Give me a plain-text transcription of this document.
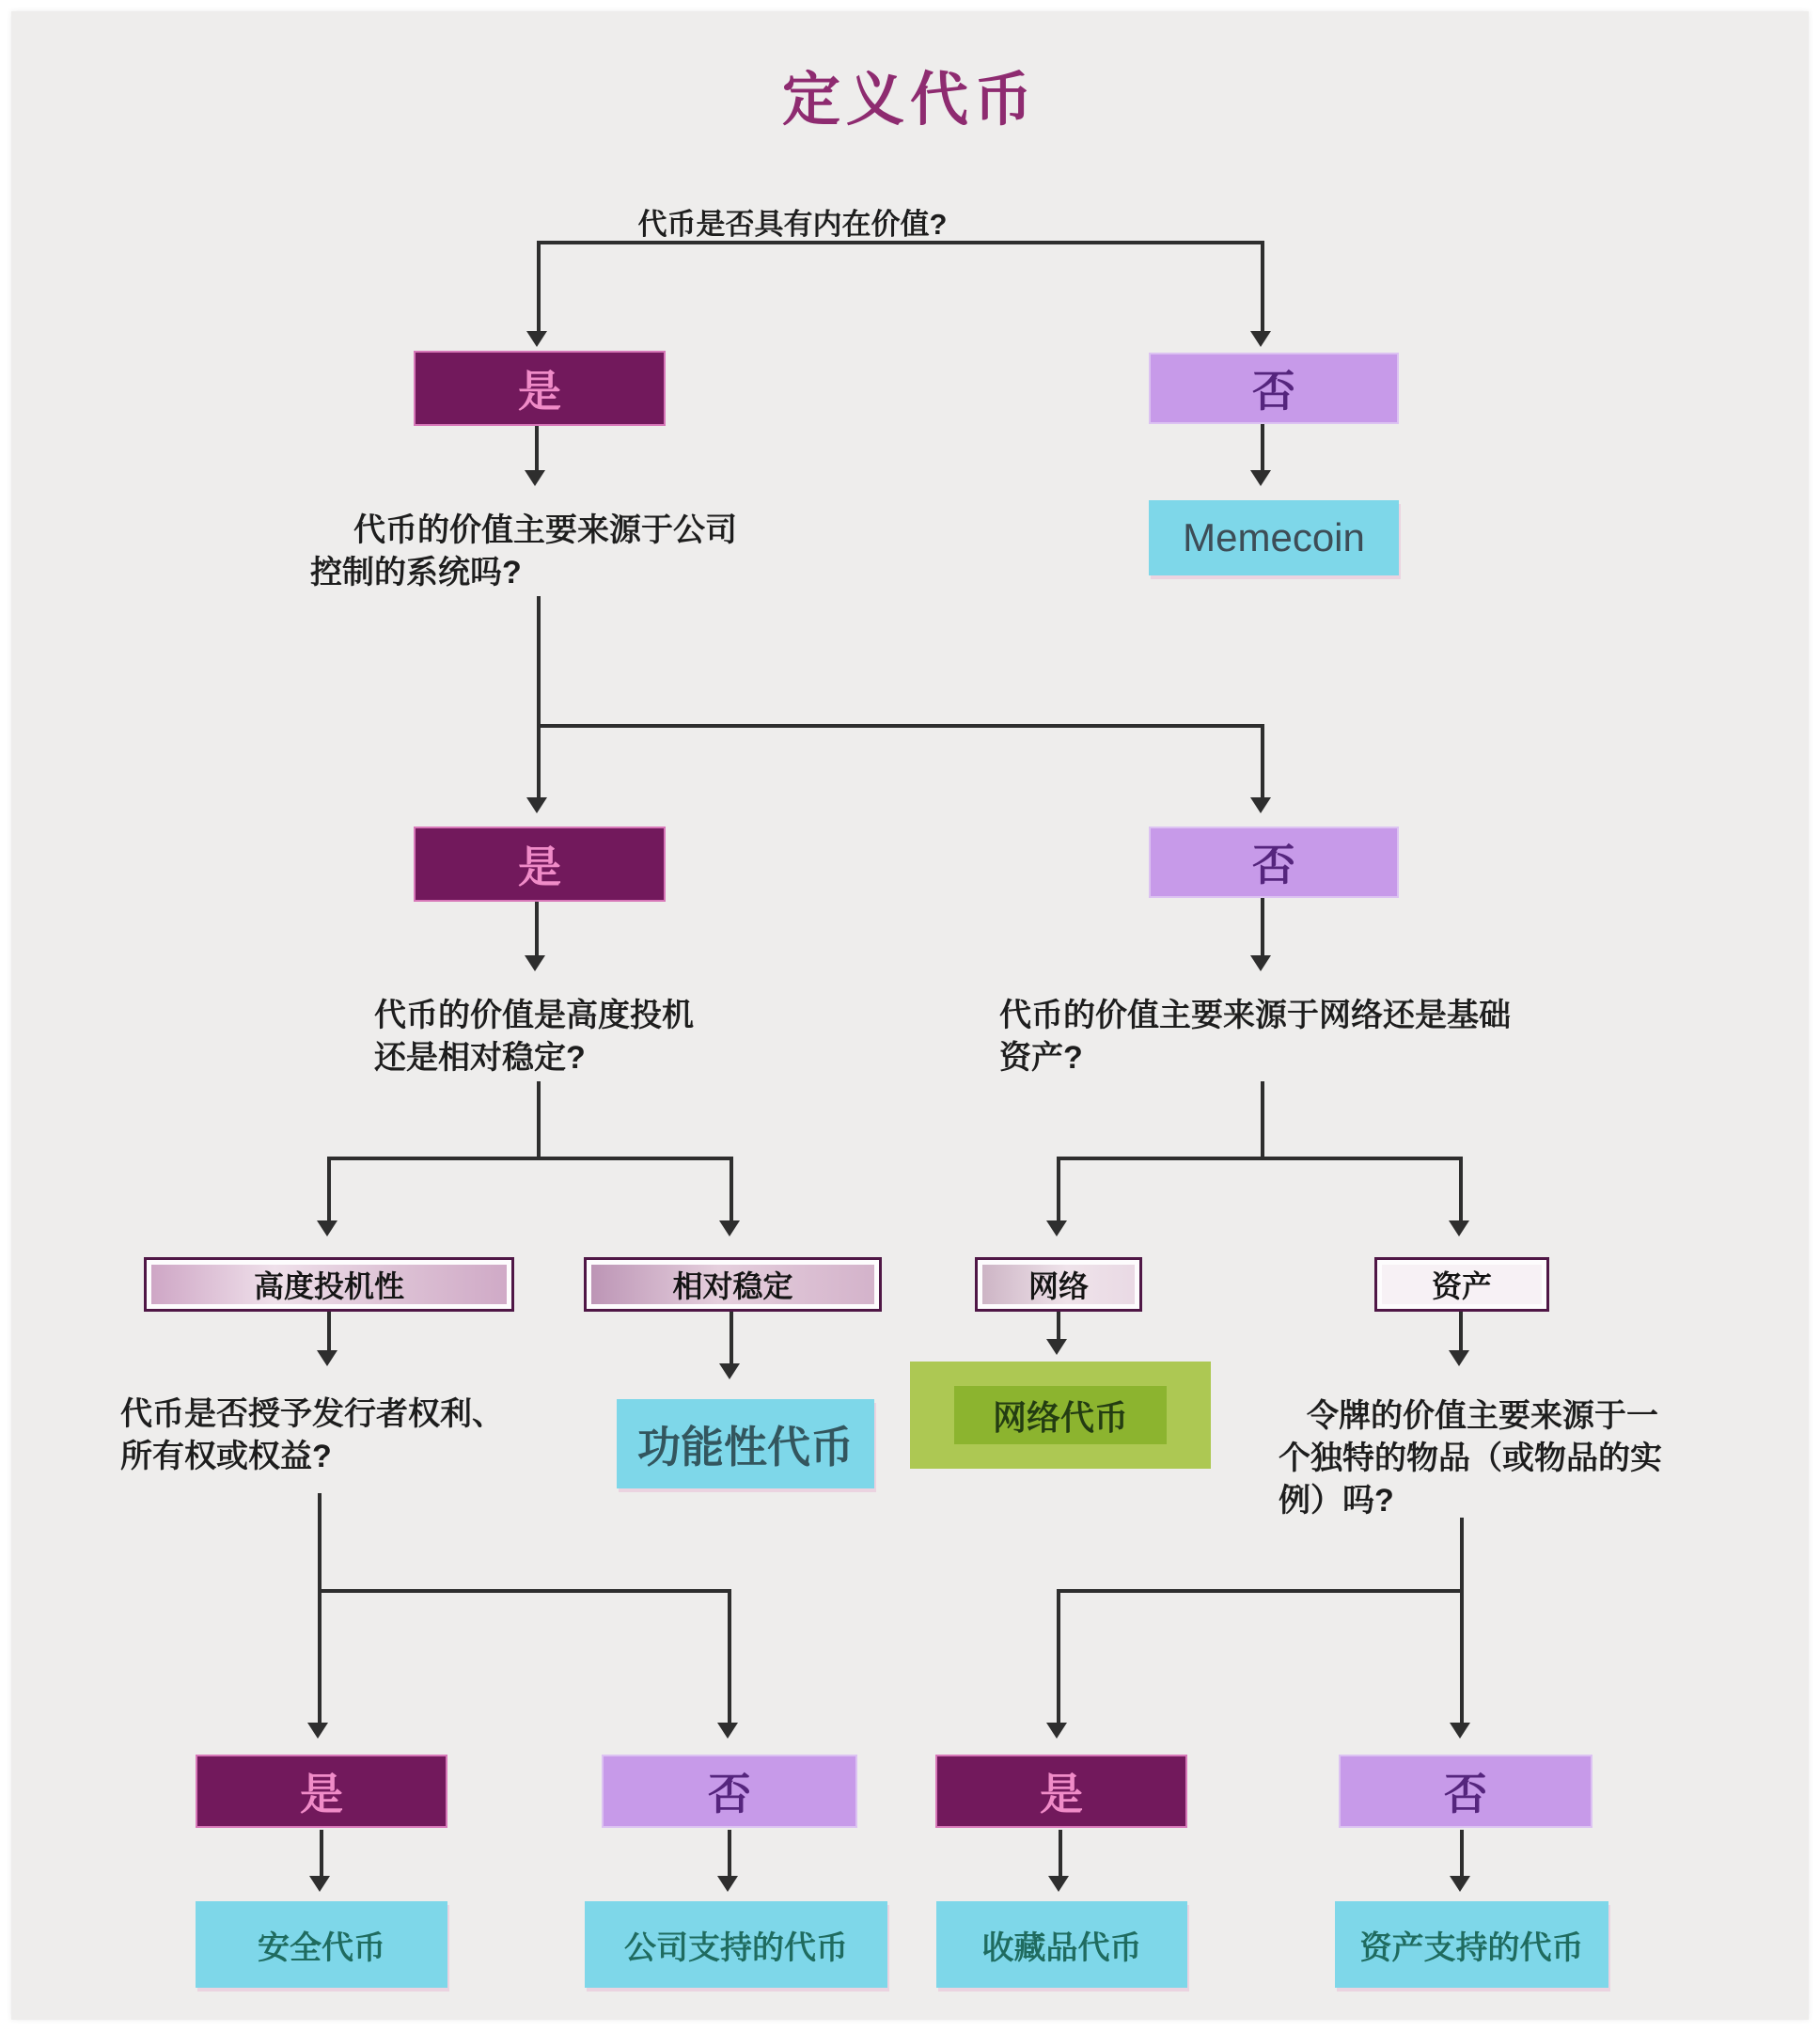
定义代币
代币是否具有内在价值?
是	否
代币的价值主要来源于公司
控制的系统吗?
Memecoin
是	否
代币的价值是高度投机
还是相对稳定?
代币的价值主要来源于网络还是基础
资产?
高度投机性	相对稳定	网络	资产
代币是否授予发行者权利、
所有权或权益?	功能性代币
网络代币	令牌的价值主要来源于一
个独特的物品（或物品的实
例）吗?
是	否	是	否
安全代币	公司支持的代币	收藏品代币	资产支持的代币
